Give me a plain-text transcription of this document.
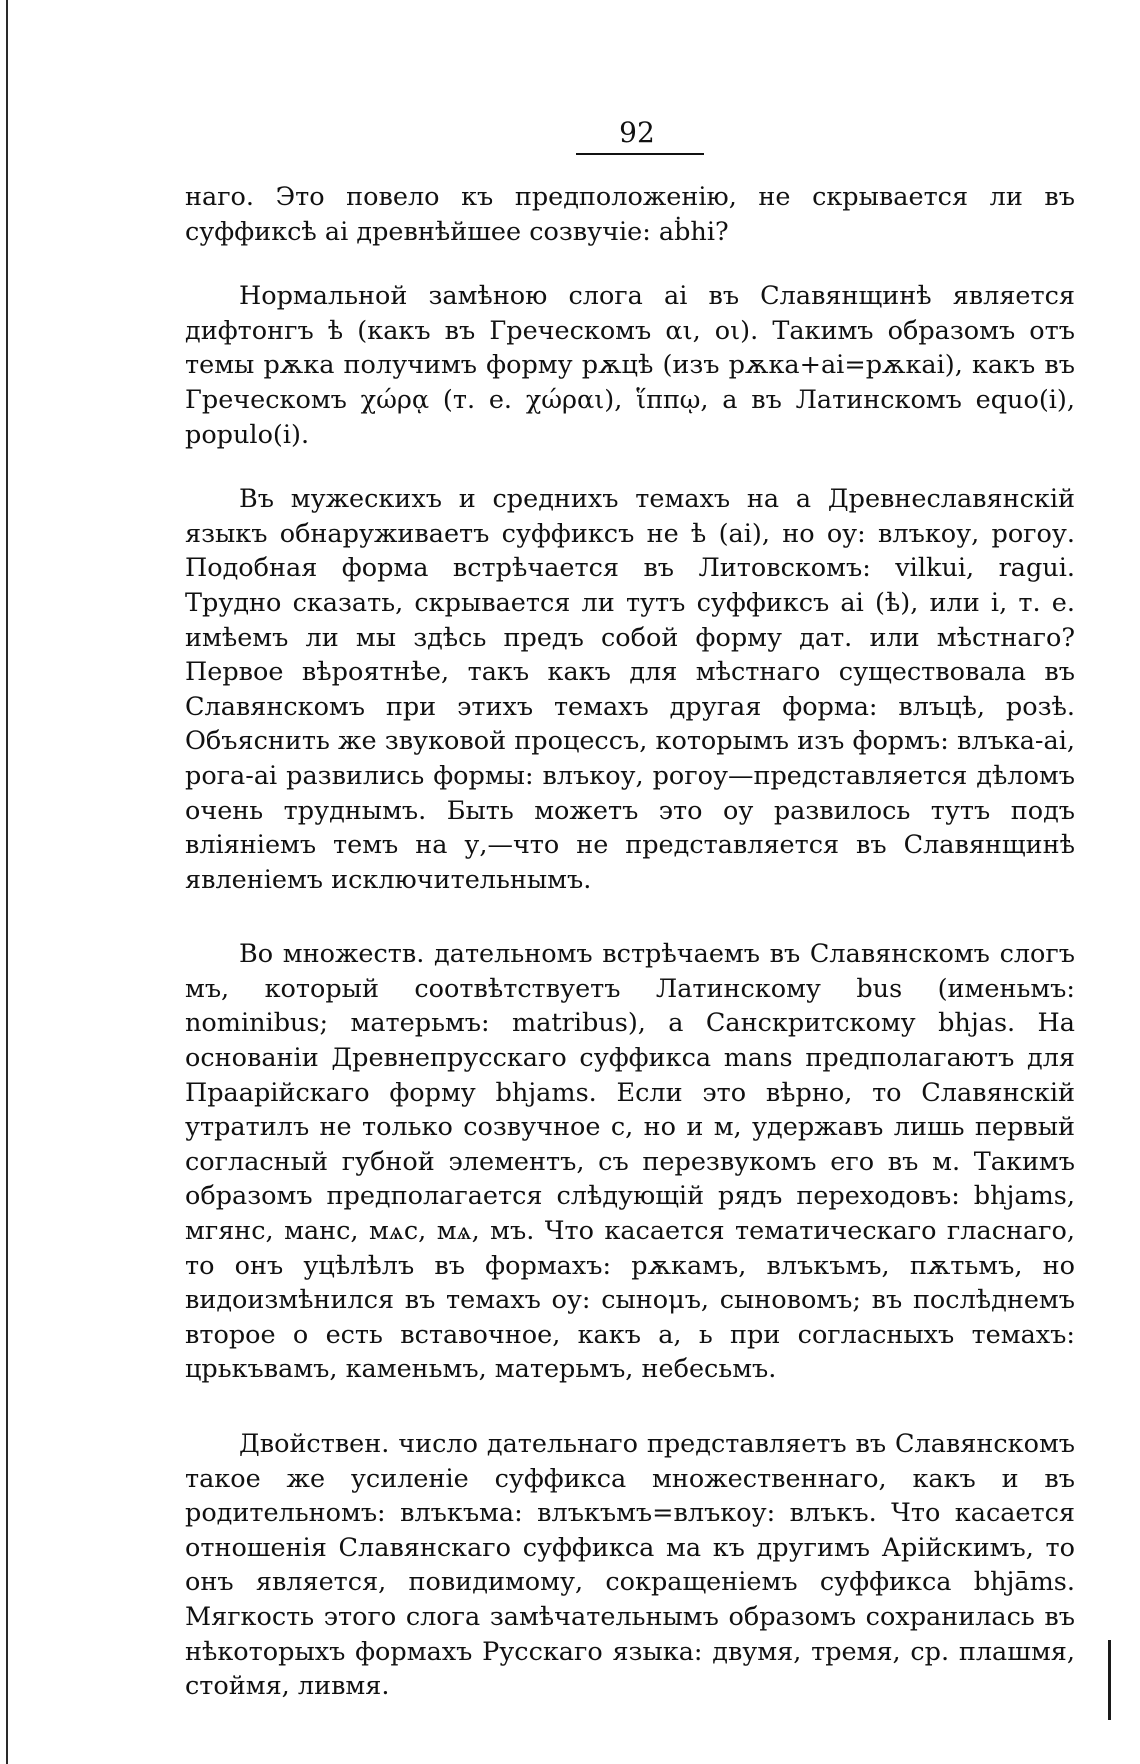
92

наго. Это повело къ предположенію, не скрывается ли въ суффиксѣ ai древнѣйшее созвучіе: aḃhi?

Нормальной замѣною слога ai въ Славянщинѣ является дифтонгъ ѣ (какъ въ Греческомъ αι, οι). Такимъ образомъ отъ темы рѫка получимъ форму рѫцѣ (изъ рѫка+ai=рѫкai), какъ въ Греческомъ χώρᾳ (т. е. χώραι), ἵππῳ, а въ Латинскомъ equo(i), populo(i).

Въ мужескихъ и среднихъ темахъ на а Древнеславянскій языкъ обнаруживаетъ суффиксъ не ѣ (ai), но оу: влъкоу, рогоу. Подобная форма встрѣчается въ Литовскомъ: vilkui, ragui. Трудно сказать, скрывается ли тутъ суффиксъ ai (ѣ), или i, т. е. имѣемъ ли мы здѣсь предъ собой форму дат. или мѣстнаго? Первое вѣроятнѣе, такъ какъ для мѣстнаго существовала въ Славянскомъ при этихъ темахъ другая форма: влъцѣ, розѣ. Объяснить же звуковой процессъ, которымъ изъ формъ: влъка-ai, рога-ai развились формы: влъкоу, рогоу—представляется дѣломъ очень труднымъ. Быть можетъ это оу развилось тутъ подъ вліяніемъ темъ на у,—что не представляется въ Славянщинѣ явленіемъ исключительнымъ.

Во множеств. дательномъ встрѣчаемъ въ Славянскомъ слогъ мъ, который соотвѣтствуетъ Латинскому bus (именьмъ: nominibus; матерьмъ: matribus), а Санскритскому bhjas. На основаніи Древнепрусскаго суффикса mans предполагаютъ для Праарійскаго форму bhjams. Если это вѣрно, то Славянскій утратилъ не только созвучное с, но и м, удержавъ лишь первый согласный губной элементъ, съ перезвукомъ его въ м. Такимъ образомъ предполагается слѣдующій рядъ переходовъ: bhjams, мгянс, манс, мѧс, мѧ, мъ. Что касается тематическаго гласнаго, то онъ уцѣлѣлъ въ формахъ: рѫкамъ, влъкъмъ, пѫтьмъ, но видоизмѣнился въ темахъ оу: сынομъ, сыновомъ; въ послѣднемъ второе о есть вставочное, какъ а, ь при согласныхъ темахъ: црькъвамъ, каменьмъ, матерьмъ, небесьмъ.

Двойствен. число дательнаго представляетъ въ Славянскомъ такое же усиленіе суффикса множественнаго, какъ и въ родительномъ: влъкъма: влъкъмъ=влъкоу: влъкъ. Что касается отношенія Славянскаго суффикса ма къ другимъ Арійскимъ, то онъ является, повидимому, сокращеніемъ суффикса bhjāms. Мягкость этого слога замѣчательнымъ образомъ сохранилась въ нѣкоторыхъ формахъ Русскаго языка: двумя, тремя, ср. плашмя, стоймя, ливмя.
